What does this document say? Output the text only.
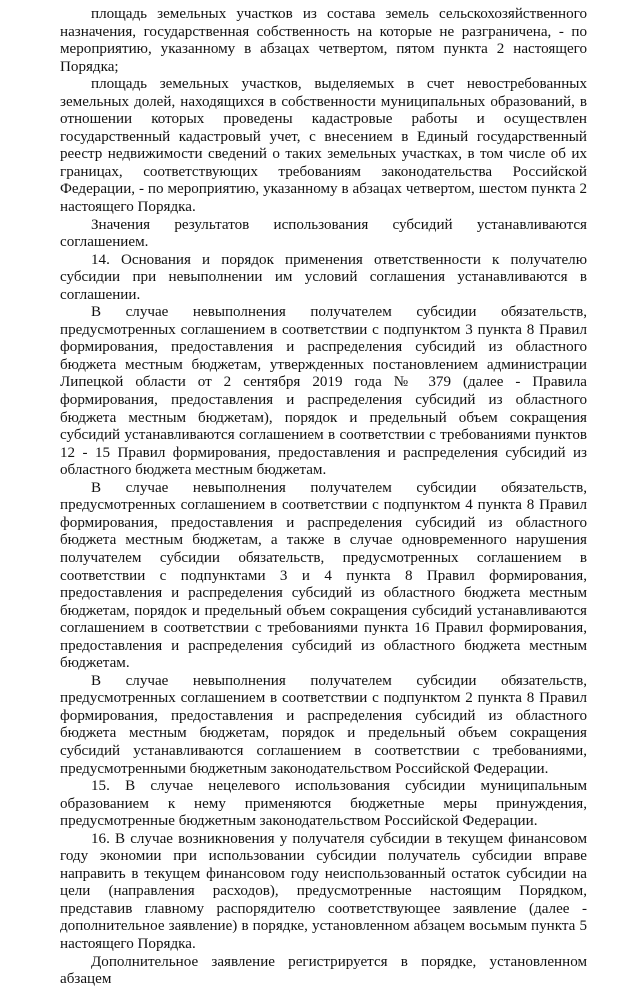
площадь земельных участков из состава земель сельскохозяйственного назначения, государственная собственность на которые не разграничена, - по мероприятию, указанному в абзацах четвертом, пятом пункта 2 настоящего Порядка;

площадь земельных участков, выделяемых в счет невостребованных земельных долей, находящихся в собственности муниципальных образований, в отношении которых проведены кадастровые работы и осуществлен государственный кадастровый учет, с внесением в Единый государственный реестр недвижимости сведений о таких земельных участках, в том числе об их границах, соответствующих требованиям законодательства Российской Федерации, - по мероприятию, указанному в абзацах четвертом, шестом пункта 2 настоящего Порядка.

Значения результатов использования субсидий устанавливаются соглашением.

14. Основания и порядок применения ответственности к получателю субсидии при невыполнении им условий соглашения устанавливаются в соглашении.

В случае невыполнения получателем субсидии обязательств, предусмотренных соглашением в соответствии с подпунктом 3 пункта 8 Правил формирования, предоставления и распределения субсидий из областного бюджета местным бюджетам, утвержденных постановлением администрации Липецкой области от 2 сентября 2019 года № 379 (далее - Правила формирования, предоставления и распределения субсидий из областного бюджета местным бюджетам), порядок и предельный объем сокращения субсидий устанавливаются соглашением в соответствии с требованиями пунктов 12 - 15 Правил формирования, предоставления и распределения субсидий из областного бюджета местным бюджетам.

В случае невыполнения получателем субсидии обязательств, предусмотренных соглашением в соответствии с подпунктом 4 пункта 8 Правил формирования, предоставления и распределения субсидий из областного бюджета местным бюджетам, а также в случае одновременного нарушения получателем субсидии обязательств, предусмотренных соглашением в соответствии с подпунктами 3 и 4 пункта 8 Правил формирования, предоставления и распределения субсидий из областного бюджета местным бюджетам, порядок и предельный объем сокращения субсидий устанавливаются соглашением в соответствии с требованиями пункта 16 Правил формирования, предоставления и распределения субсидий из областного бюджета местным бюджетам.

В случае невыполнения получателем субсидии обязательств, предусмотренных соглашением в соответствии с подпунктом 2 пункта 8 Правил формирования, предоставления и распределения субсидий из областного бюджета местным бюджетам, порядок и предельный объем сокращения субсидий устанавливаются соглашением в соответствии с требованиями, предусмотренными бюджетным законодательством Российской Федерации.

15. В случае нецелевого использования субсидии муниципальным образованием к нему применяются бюджетные меры принуждения, предусмотренные бюджетным законодательством Российской Федерации.

16. В случае возникновения у получателя субсидии в текущем финансовом году экономии при использовании субсидии получатель субсидии вправе направить в текущем финансовом году неиспользованный остаток субсидии на цели (направления расходов), предусмотренные настоящим Порядком, представив главному распорядителю соответствующее заявление (далее - дополнительное заявление) в порядке, установленном абзацем восьмым пункта 5 настоящего Порядка.

Дополнительное заявление регистрируется в порядке, установленном абзацем
